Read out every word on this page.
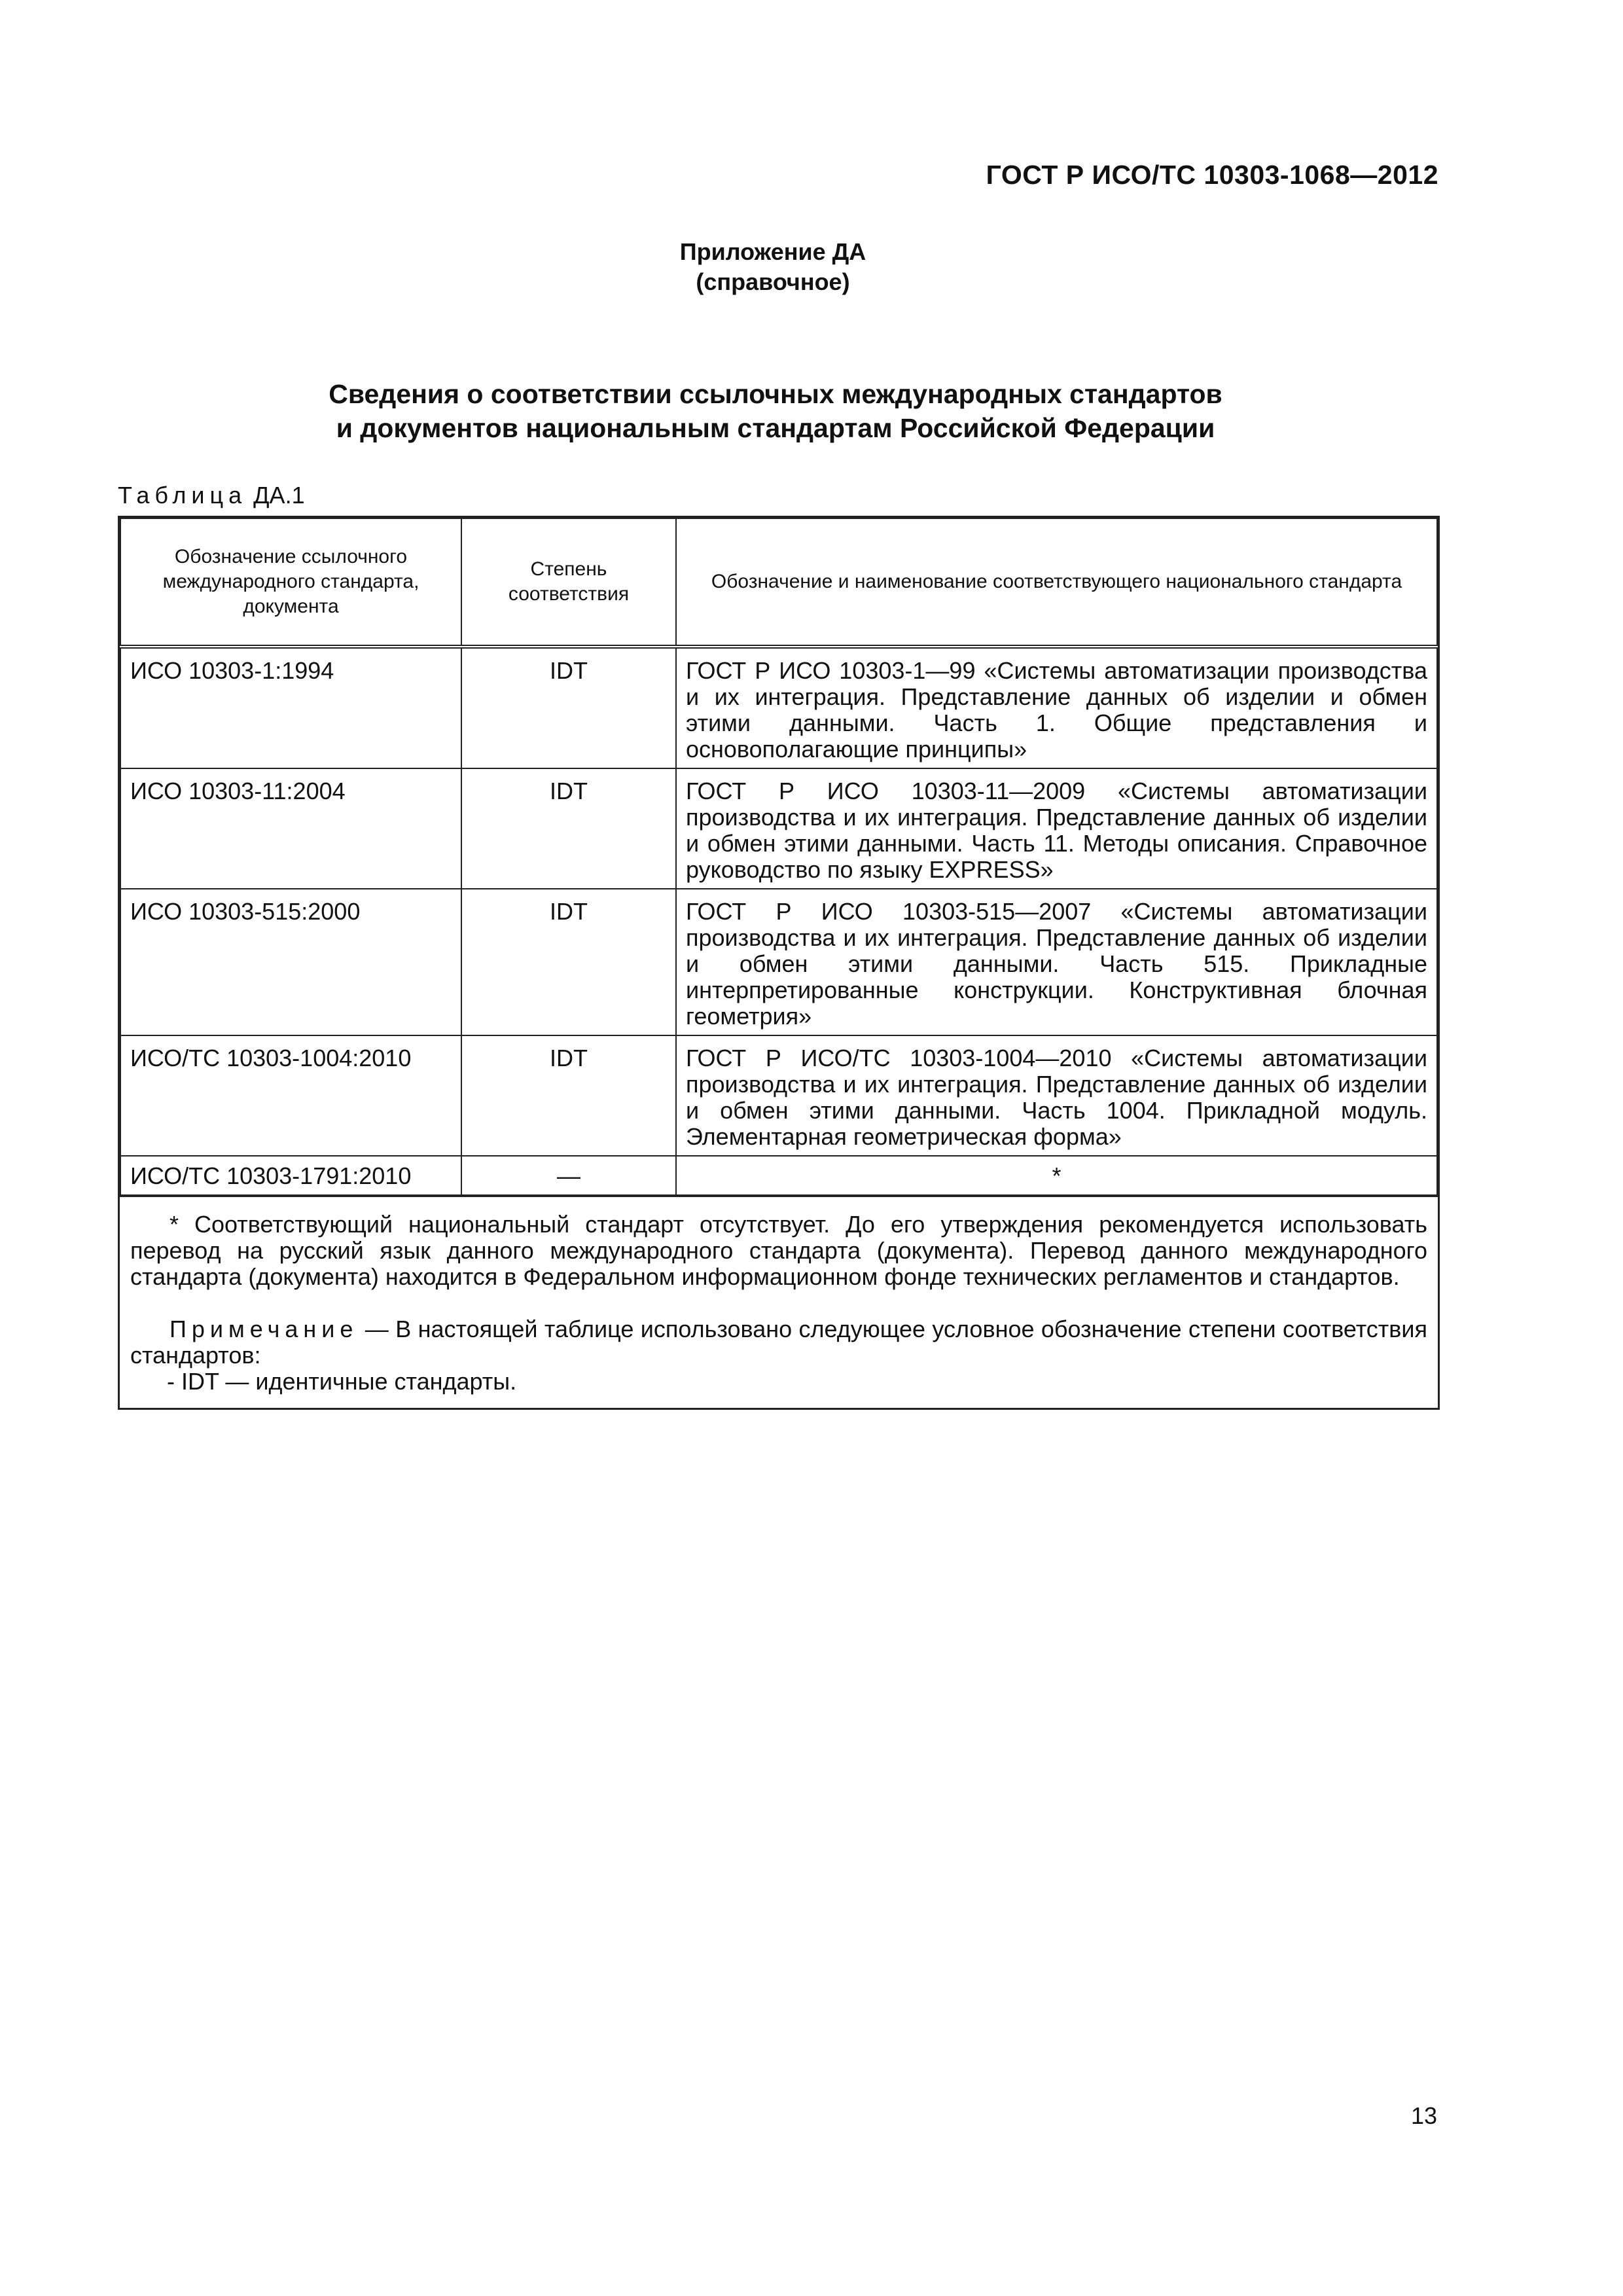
ГОСТ Р ИСО/ТС 10303-1068—2012
Приложение ДА
(справочное)
Сведения о соответствии ссылочных международных стандартов
и документов национальным стандартам Российской Федерации
Таблица ДА.1
Обозначение ссылочного международного стандарта, документа	Степень соответствия	Обозначение и наименование соответствующего национального стандарта
ИСО 10303-1:1994	IDT	ГОСТ Р ИСО 10303-1—99 «Системы автоматизации производства и их интеграция. Представление данных об изделии и обмен этими данными. Часть 1. Общие представления и основополагающие принципы»
ИСО 10303-11:2004	IDT	ГОСТ Р ИСО 10303-11—2009 «Системы автоматизации производства и их интеграция. Представление данных об изделии и обмен этими данными. Часть 11. Методы описания. Справочное руководство по языку EXPRESS»
ИСО 10303-515:2000	IDT	ГОСТ Р ИСО 10303-515—2007 «Системы автоматизации производства и их интеграция. Представление данных об изделии и обмен этими данными. Часть 515. Прикладные интерпретированные конструкции. Конструктивная блочная геометрия»
ИСО/ТС 10303-1004:2010	IDT	ГОСТ Р ИСО/ТС 10303-1004—2010 «Системы автоматизации производства и их интеграция. Представление данных об изделии и обмен этими данными. Часть 1004. Прикладной модуль. Элементарная геометрическая форма»
ИСО/ТС 10303-1791:2010	—	*

* Соответствующий национальный стандарт отсутствует. До его утверждения рекомендуется использовать перевод на русский язык данного международного стандарта (документа). Перевод данного международного стандарта (документа) находится в Федеральном информационном фонде технических регламентов и стандартов.

Примечание — В настоящей таблице использовано следующее условное обозначение степени соответствия стандартов:

- IDT — идентичные стандарты.

13
